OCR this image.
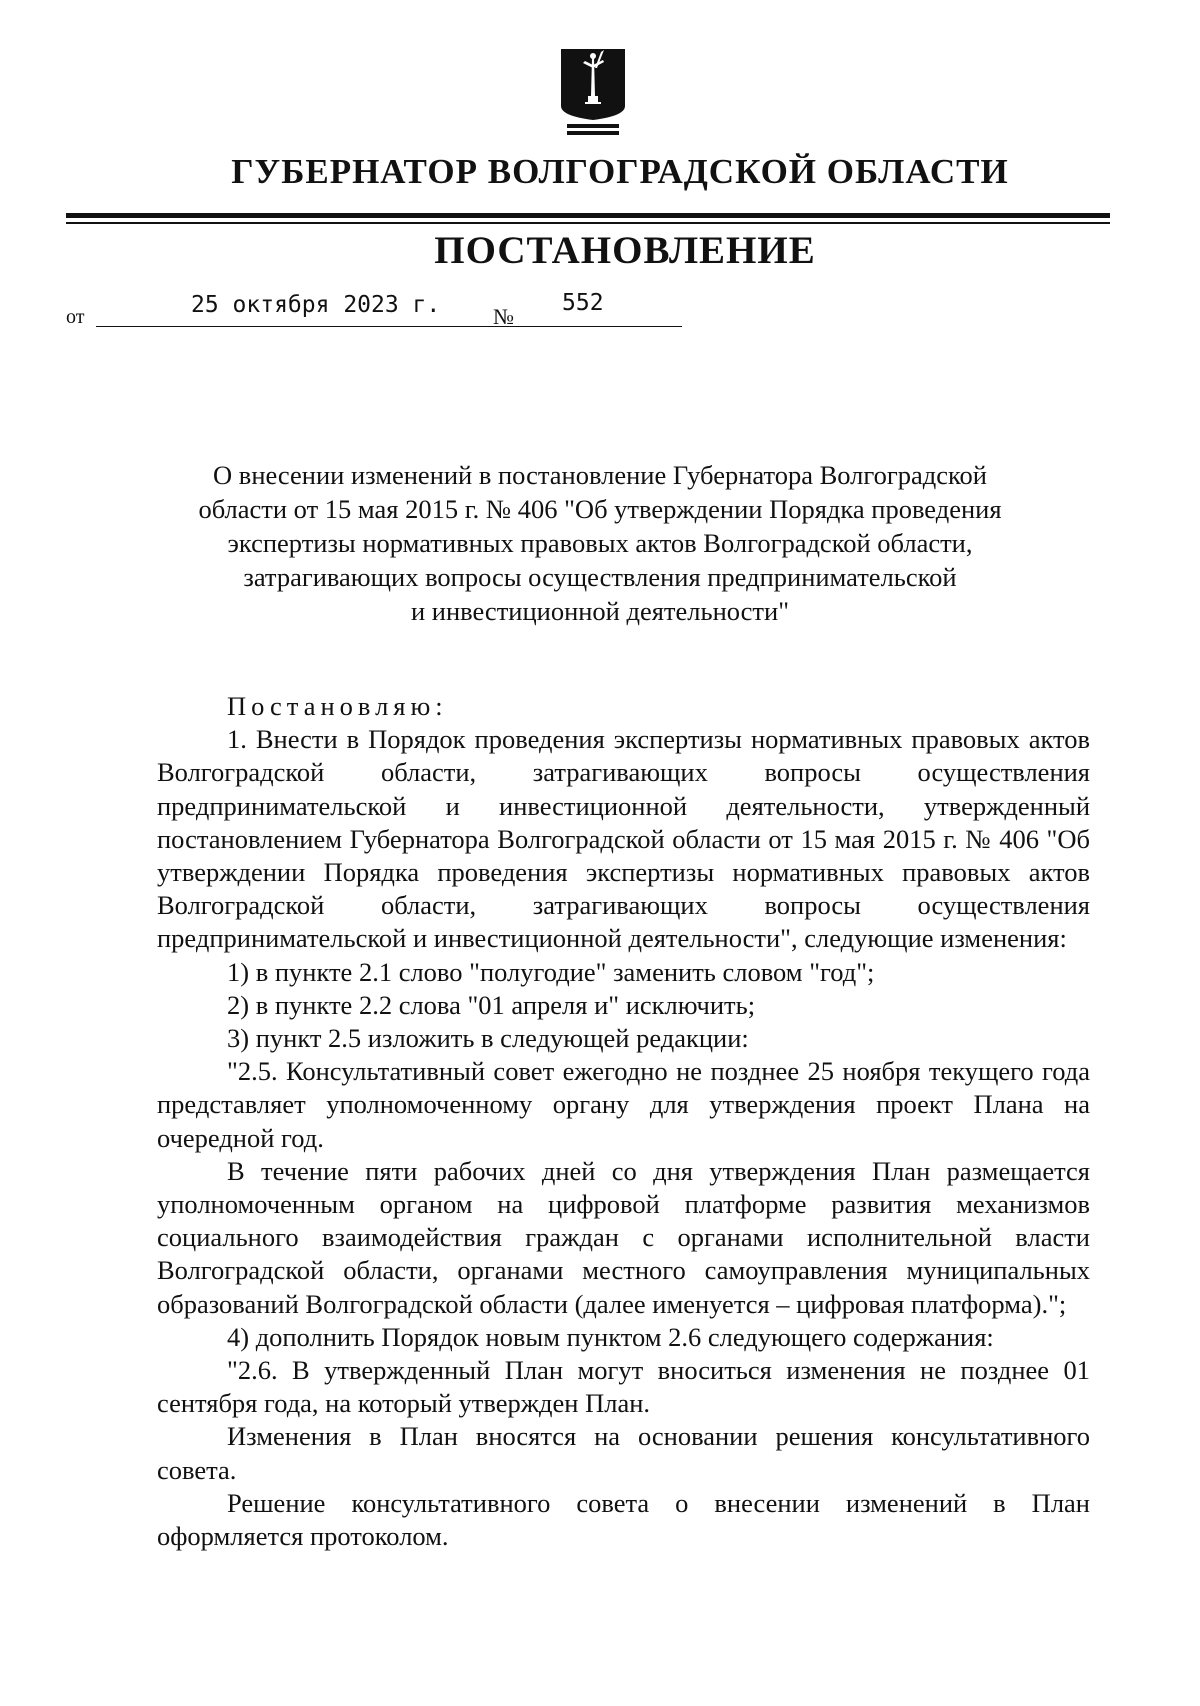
ГУБЕРНАТОР ВОЛГОГРАДСКОЙ ОБЛАСТИ
ПОСТАНОВЛЕНИЕ
от	25 октября 2023 г. №
552
О внесении изменений в постановление Губернатора Волгоградской
области от 15 мая 2015 г. № 406 "Об утверждении Порядка проведения
экспертизы нормативных правовых актов Волгоградской области,
затрагивающих вопросы осуществления предпринимательской
и инвестиционной деятельности"

Постановляю:

1. Внести в Порядок проведения экспертизы нормативных правовых актов Волгоградской области, затрагивающих вопросы осуществления предпринимательской и инвестиционной деятельности, утвержденный постановлением Губернатора Волгоградской области от 15 мая 2015 г. № 406 "Об утверждении Порядка проведения экспертизы нормативных правовых актов Волгоградской области, затрагивающих вопросы осуществления предпринимательской и инвестиционной деятельности", следующие изменения:

1) в пункте 2.1 слово "полугодие" заменить словом "год";

2) в пункте 2.2 слова "01 апреля и" исключить;

3) пункт 2.5 изложить в следующей редакции:

"2.5. Консультативный совет ежегодно не позднее 25 ноября текущего года представляет уполномоченному органу для утверждения проект Плана на очередной год.

В течение пяти рабочих дней со дня утверждения План размещается уполномоченным органом на цифровой платформе развития механизмов социального взаимодействия граждан с органами исполнительной власти Волгоградской области, органами местного самоуправления муниципальных образований Волгоградской области (далее именуется – цифровая платформа).";

4) дополнить Порядок новым пунктом 2.6 следующего содержания:

"2.6. В утвержденный План могут вноситься изменения не позднее 01 сентября года, на который утвержден План.

Изменения в План вносятся на основании решения консультативного совета.

Решение консультативного совета о внесении изменений в План оформляется протоколом.
